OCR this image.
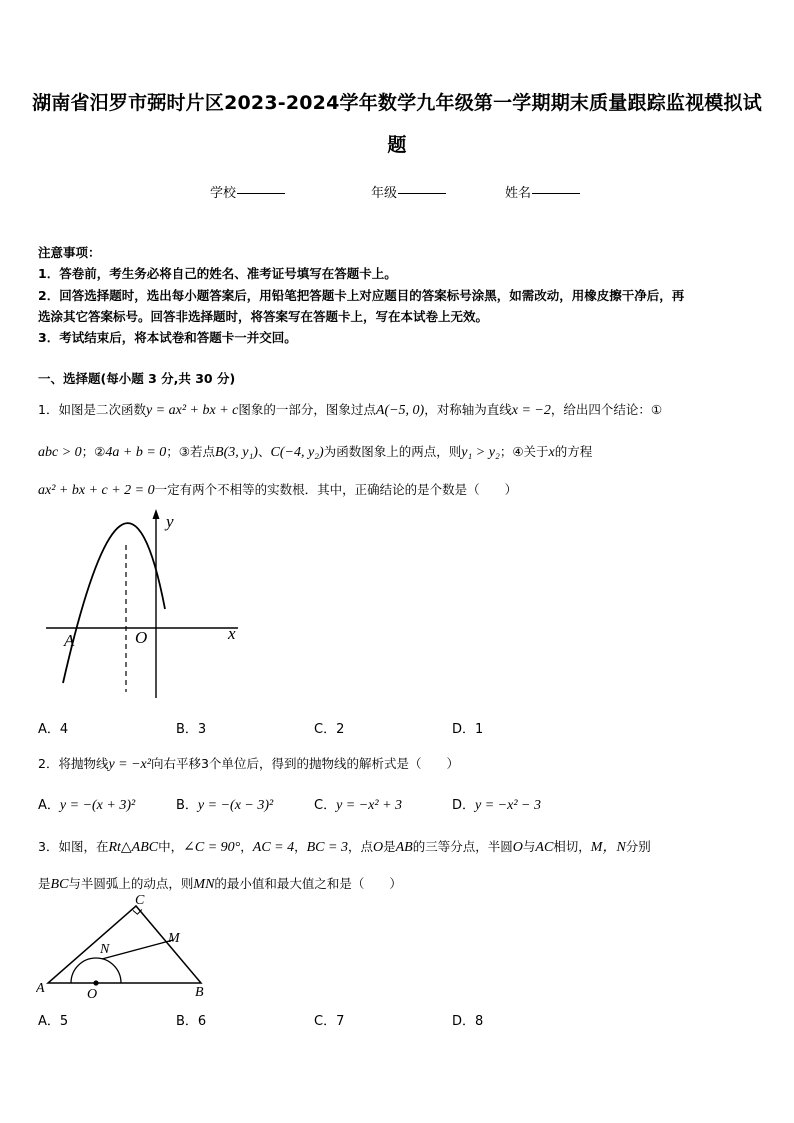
湖南省汨罗市弼时片区2023-2024学年数学九年级第一学期期末质量跟踪监视模拟试
题
学校	年级	姓名
注意事项：
1．答卷前，考生务必将自己的姓名、准考证号填写在答题卡上。
2．回答选择题时，选出每小题答案后，用铅笔把答题卡上对应题目的答案标号涂黑，如需改动，用橡皮擦干净后，再
选涂其它答案标号。回答非选择题时，将答案写在答题卡上，写在本试卷上无效。
3．考试结束后，将本试卷和答题卡一并交回。
一、选择题(每小题 3 分,共 30 分)
1．如图是二次函数y = ax² + bx + c图象的一部分，图象过点A(−5, 0)，对称轴为直线x = −2，给出四个结论：①
abc > 0；②4a + b = 0；③若点B(3, y₁)、C(−4, y₂)为函数图象上的两点，则y₁ > y₂；④关于x的方程
ax² + bx + c + 2 = 0一定有两个不相等的实数根．其中，正确结论的是个数是（　　）
y
x
A	O
A．4	B．3	C．2	D．1
2．将抛物线y = −x²向右平移3个单位后，得到的抛物线的解析式是（　　）
A．y = −(x + 3)²	B．y = −(x − 3)²	C．y = −x² + 3	D．y = −x² − 3
3．如图，在Rt△ABC中，∠C = 90°，AC = 4，BC = 3，点O是AB的三等分点，半圆O与AC相切，M，N分别
是BC与半圆弧上的动点，则MN的最小值和最大值之和是（　　）
A	B
C
N
M
O
A．5	B．6	C．7	D．8
